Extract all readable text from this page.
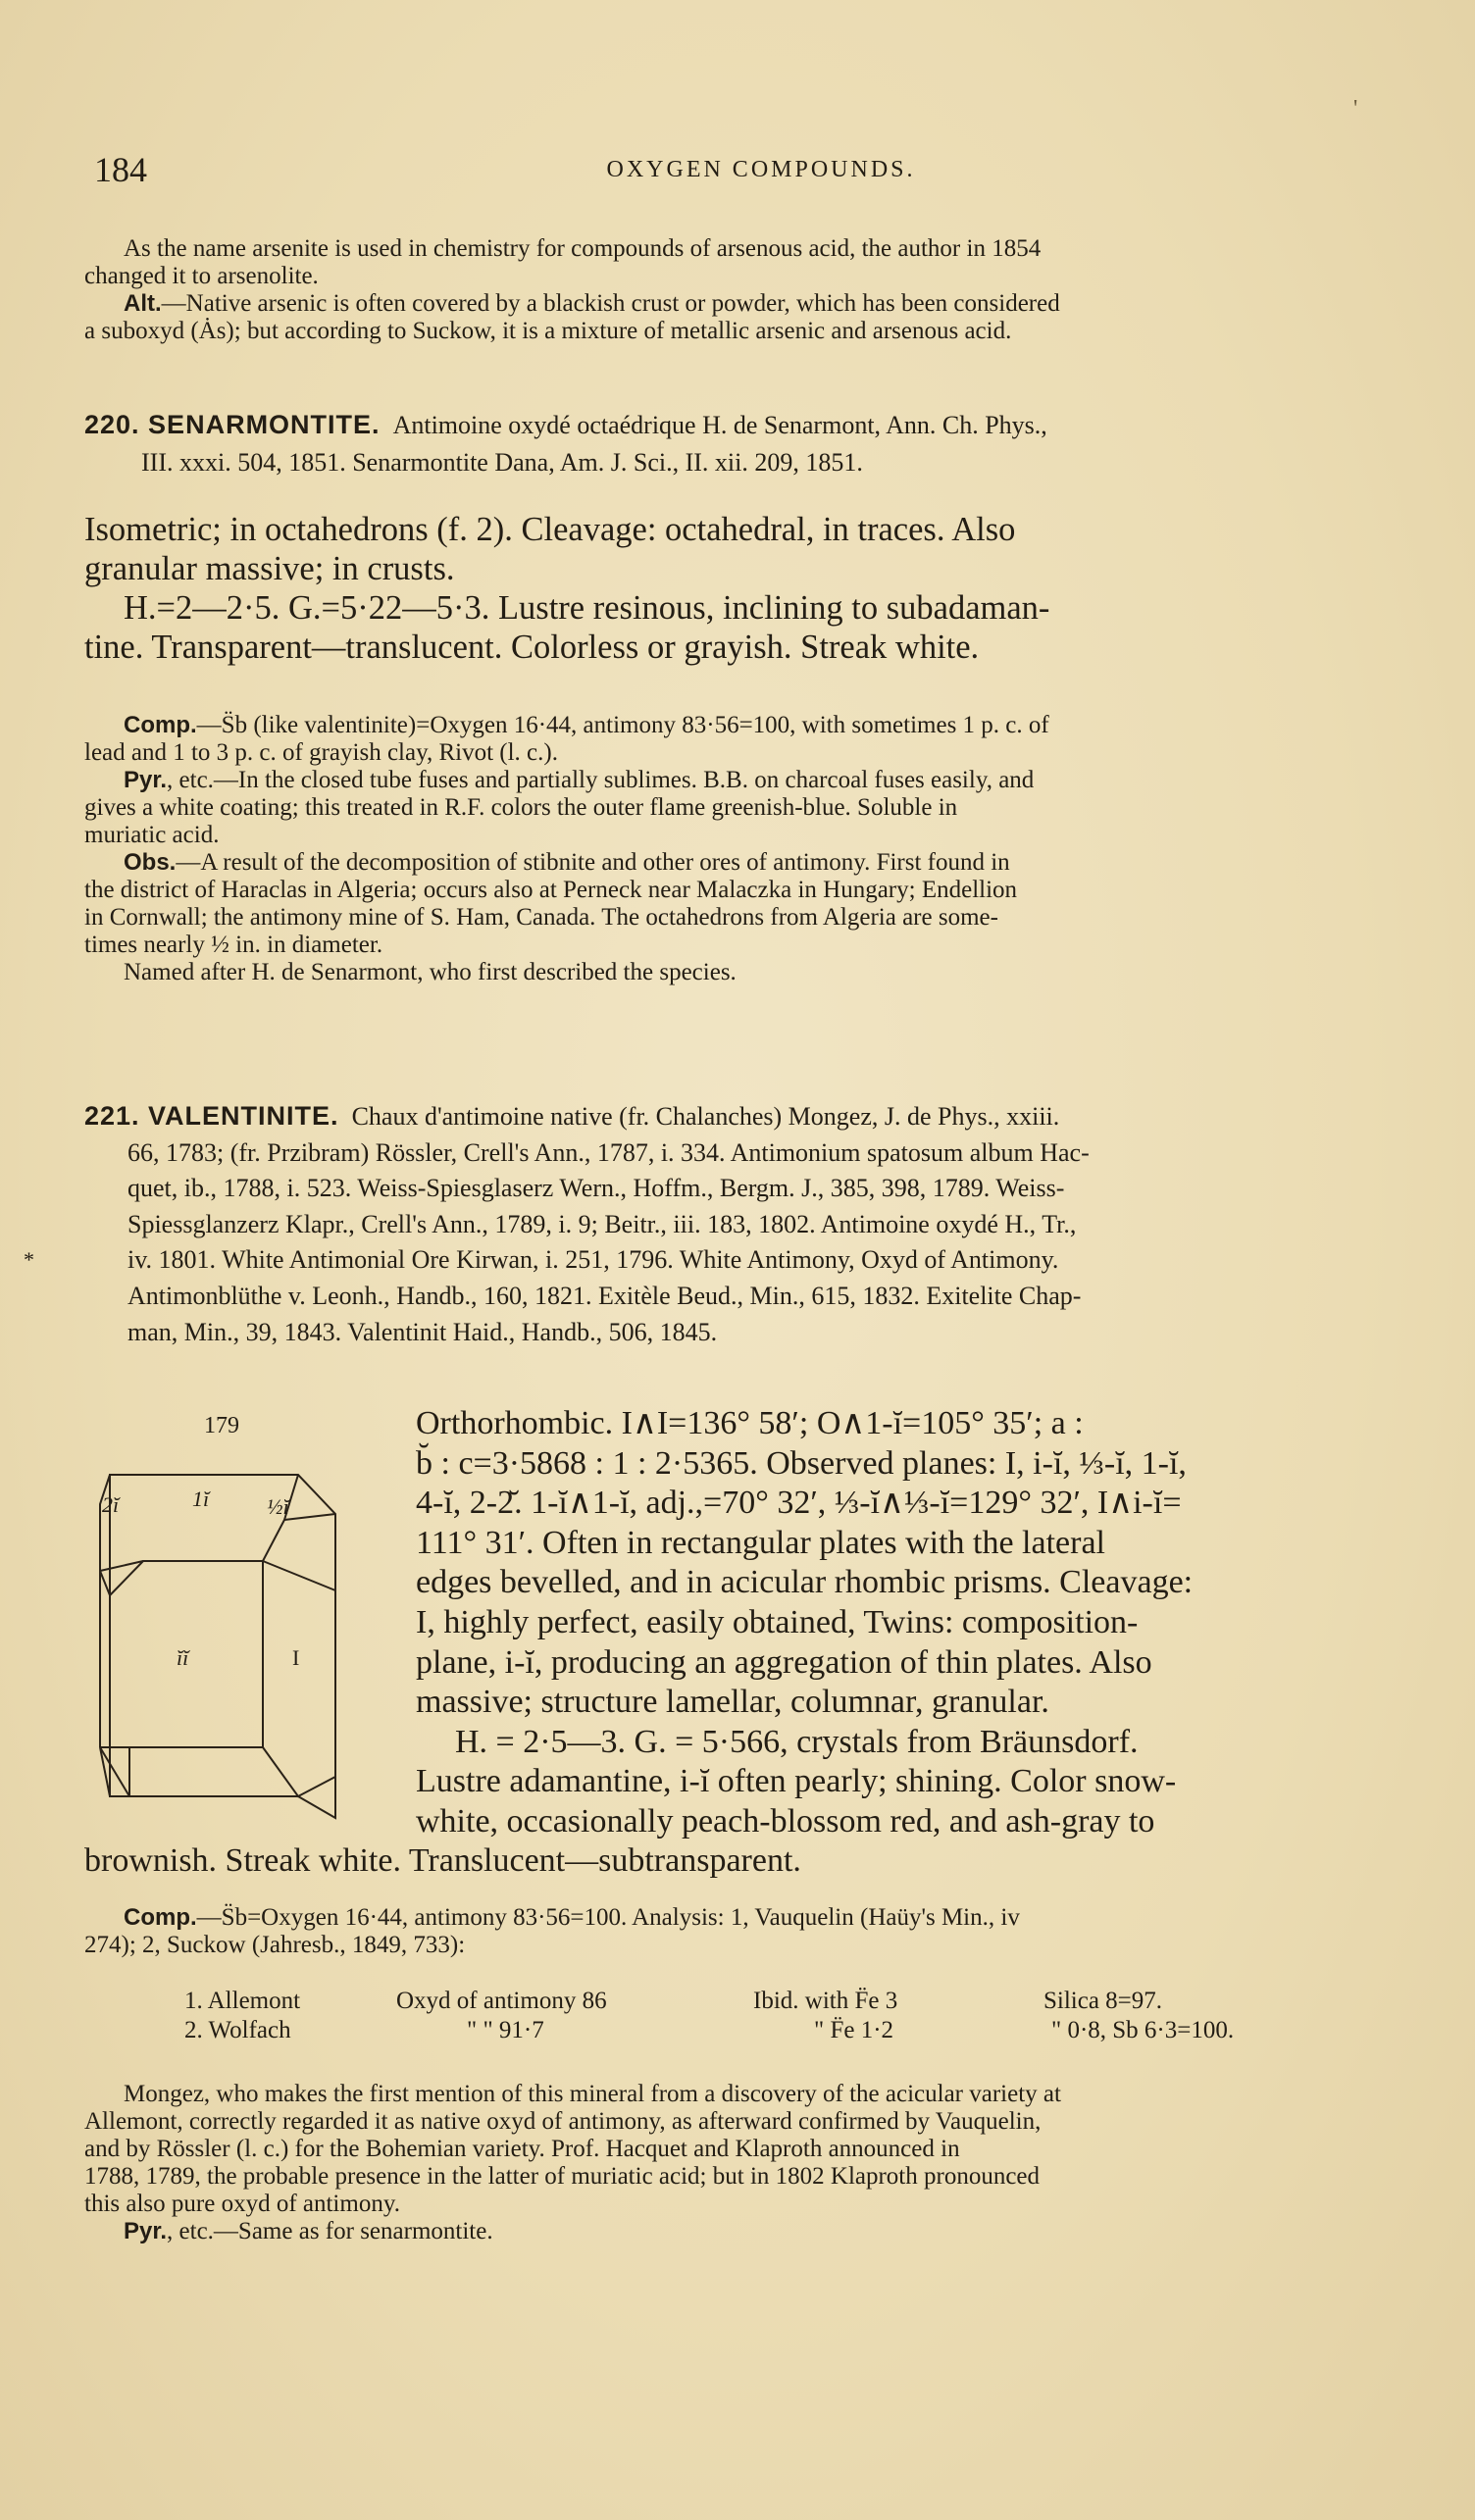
'
184	OXYGEN COMPOUNDS.
As the name arsenite is used in chemistry for compounds of arsenous acid, the author in 1854
changed it to arsenolite.
Alt.—Native arsenic is often covered by a blackish crust or powder, which has been considered
a suboxyd (Ȧs); but according to Suckow, it is a mixture of metallic arsenic and arsenous acid.
220. SENARMONTITE. Antimoine oxydé octaédrique H. de Senarmont, Ann. Ch. Phys.,
III. xxxi. 504, 1851. Senarmontite Dana, Am. J. Sci., II. xii. 209, 1851.
Isometric; in octahedrons (f. 2). Cleavage: octahedral, in traces. Also
granular massive; in crusts.
H.=2—2·5. G.=5·22—5·3. Lustre resinous, inclining to subadaman-
tine. Transparent—translucent. Colorless or grayish. Streak white.
Comp.—S̈b (like valentinite)=Oxygen 16·44, antimony 83·56=100, with sometimes 1 p. c. of
lead and 1 to 3 p. c. of grayish clay, Rivot (l. c.).
Pyr., etc.—In the closed tube fuses and partially sublimes. B.B. on charcoal fuses easily, and
gives a white coating; this treated in R.F. colors the outer flame greenish-blue. Soluble in
muriatic acid.
Obs.—A result of the decomposition of stibnite and other ores of antimony. First found in
the district of Haraclas in Algeria; occurs also at Perneck near Malaczka in Hungary; Endellion
in Cornwall; the antimony mine of S. Ham, Canada. The octahedrons from Algeria are some-
times nearly ½ in. in diameter.
Named after H. de Senarmont, who first described the species.
*
221. VALENTINITE. Chaux d'antimoine native (fr. Chalanches) Mongez, J. de Phys., xxiii.
66, 1783; (fr. Przibram) Rössler, Crell's Ann., 1787, i. 334. Antimonium spatosum album Hac-
quet, ib., 1788, i. 523. Weiss-Spiesglaserz Wern., Hoffm., Bergm. J., 385, 398, 1789. Weiss-
Spiessglanzerz Klapr., Crell's Ann., 1789, i. 9; Beitr., iii. 183, 1802. Antimoine oxydé H., Tr.,
iv. 1801. White Antimonial Ore Kirwan, i. 251, 1796. White Antimony, Oxyd of Antimony.
Antimonblüthe v. Leonh., Handb., 160, 1821. Exitèle Beud., Min., 615, 1832. Exitelite Chap-
man, Min., 39, 1843. Valentinit Haid., Handb., 506, 1845.
179
2ĭ	1ĭ	½ĭ
ĭĭ	I
Orthorhombic. I∧I=136° 58′; O∧1-ĭ=105° 35′; a :
b̆ : c=3·5868 : 1 : 2·5365. Observed planes: I, i-ĭ, ⅓-ĭ, 1-ĭ,
4-ĭ, 2-2̆. 1-ĭ∧1-ĭ, adj.,=70° 32′, ⅓-ĭ∧⅓-ĭ=129° 32′, I∧i-ĭ=
111° 31′. Often in rectangular plates with the lateral
edges bevelled, and in acicular rhombic prisms. Cleavage:
I, highly perfect, easily obtained, Twins: composition-
plane, i-ĭ, producing an aggregation of thin plates. Also
massive; structure lamellar, columnar, granular.
H. = 2·5—3. G. = 5·566, crystals from Bräunsdorf.
Lustre adamantine, i-ĭ often pearly; shining. Color snow-
white, occasionally peach-blossom red, and ash-gray to
brownish. Streak white. Translucent—subtransparent.
Comp.—S̈b=Oxygen 16·44, antimony 83·56=100. Analysis: 1, Vauquelin (Haüy's Min., iv
274); 2, Suckow (Jahresb., 1849, 733):
1. Allemont	Oxyd of antimony 86	Ibid. with F̈e 3	Silica 8=97.
2. Wolfach	" " 91·7	" F̈e 1·2	" 0·8, Sb 6·3=100.
Mongez, who makes the first mention of this mineral from a discovery of the acicular variety at
Allemont, correctly regarded it as native oxyd of antimony, as afterward confirmed by Vauquelin,
and by Rössler (l. c.) for the Bohemian variety. Prof. Hacquet and Klaproth announced in
1788, 1789, the probable presence in the latter of muriatic acid; but in 1802 Klaproth pronounced
this also pure oxyd of antimony.
Pyr., etc.—Same as for senarmontite.
